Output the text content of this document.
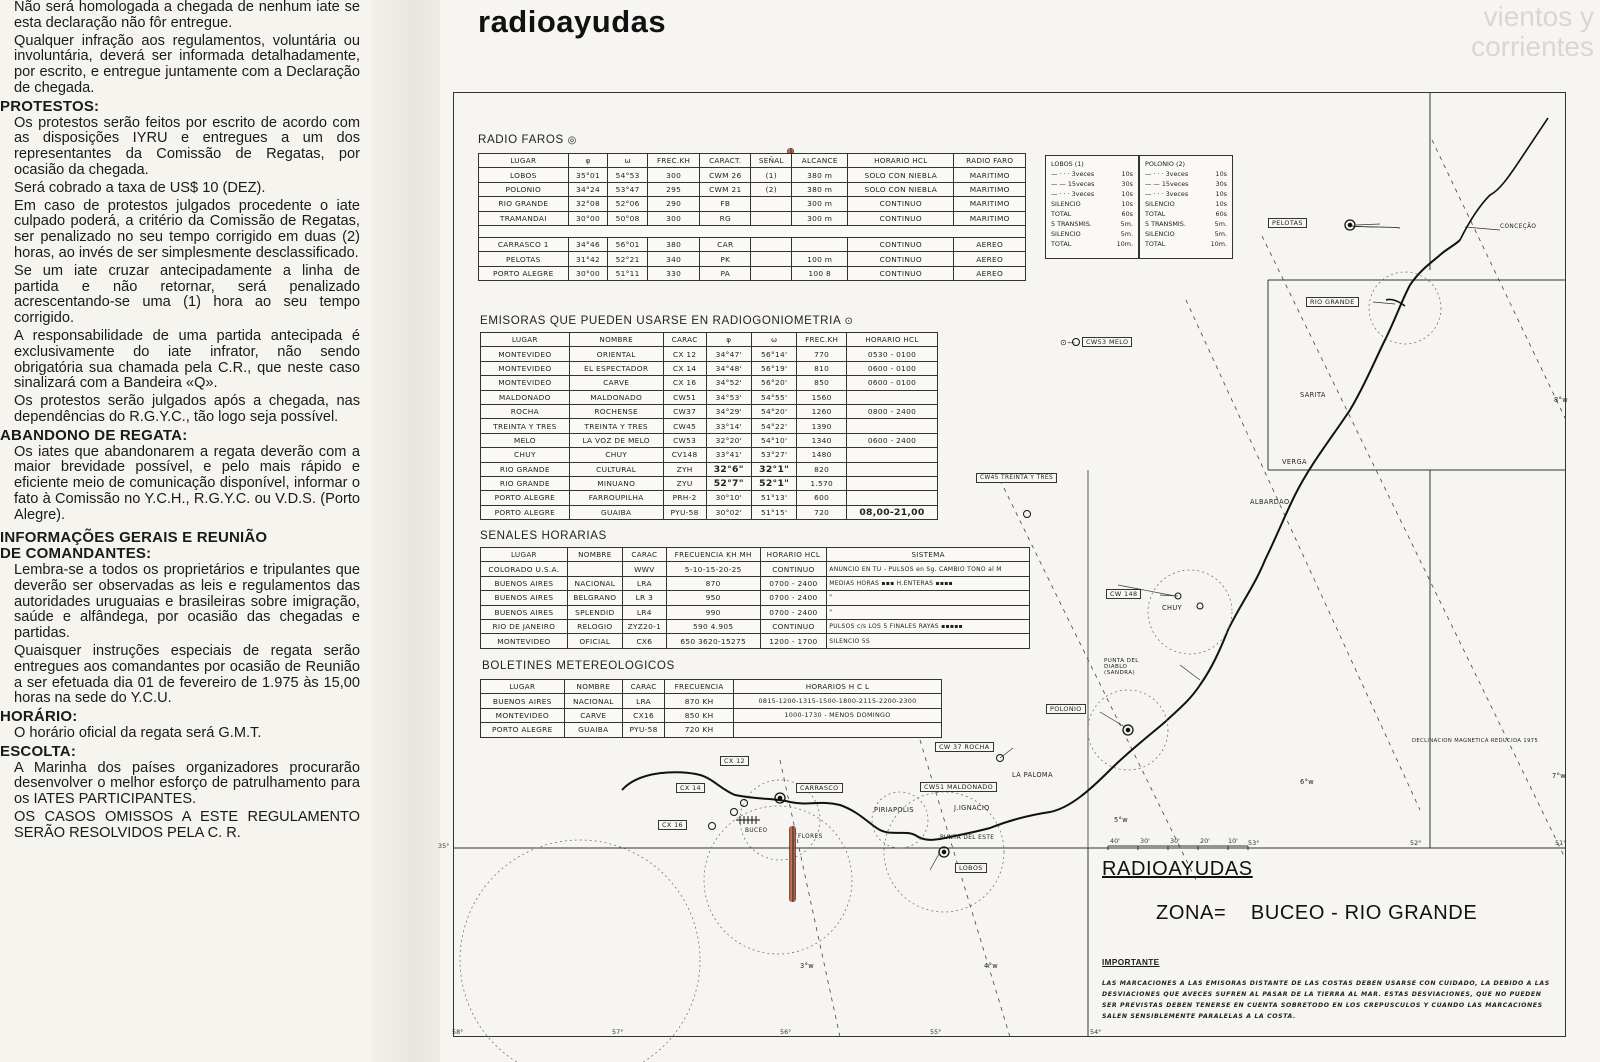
Não será homologada a chegada de nenhum iate se esta declaração não fôr entregue.
Qualquer infração aos regulamentos, voluntária ou involuntária, deverá ser informada detalhadamente, por escrito, e entregue juntamente com a Declaração de chegada.
PROTESTOS:
Os protestos serão feitos por escrito de acordo com as disposições IYRU e entregues a um dos representantes da Comissão de Regatas, por ocasião da chegada.
Será cobrado a taxa de US$ 10 (DEZ).
Em caso de protestos julgados procedente o iate culpado poderá, a critério da Comissão de Regatas, ser penalizado no seu tempo corrigido em duas (2) horas, ao invés de ser simplesmente desclassificado.
Se um iate cruzar antecipadamente a linha de partida e não retornar, será penalizado acrescentando-se uma (1) hora ao seu tempo corrigido.
A responsabilidade de uma partida antecipada é exclusivamente do iate infrator, não sendo obrigatória sua chamada pela C.R., que neste caso sinalizará com a Bandeira «Q».
Os protestos serão julgados após a chegada, nas dependências do R.G.Y.C., tão logo seja possível.
ABANDONO DE REGATA:
Os iates que abandonarem a regata deverão com a maior brevidade possível, e pelo mais rápido e eficiente meio de comunicação disponível, informar o fato à Comissão no Y.C.H., R.G.Y.C. ou V.D.S. (Porto Alegre).
INFORMAÇÕES GERAIS E REUNIÃO
DE COMANDANTES:
Lembra-se a todos os proprietários e tripulantes que deverão ser observadas as leis e regulamentos das autoridades uruguaias e brasileiras sobre imigração, saúde e alfândega, por ocasião das chegadas e partidas.
Quaisquer instruções especiais de regata serão entregues aos comandantes por ocasião de Reunião a ser efetuada dia 01 de fevereiro de 1.975 às 15,00 horas na sede do Y.C.U.
HORÁRIO:
O horário oficial da regata será G.M.T.
ESCOLTA:
A Marinha dos países organizadores procurarão desenvolver o melhor esforço de patrulhamento para os IATES PARTICIPANTES.
OS CASOS OMISSOS A ESTE REGULAMENTO SERÃO RESOLVIDOS PELA C. R.
vientos y
corrientes
radioayudas
RADIO FAROS ◎
LUGAR	φ	ω	FREC.KH	CARACT.	SEÑAL	ALCANCE	HORARIO HCL	RADIO FARO
LOBOS	35°01	54°53	300	CWM 26	(1)	380 m	SOLO CON NIEBLA	MARITIMO
POLONIO	34°24	53°47	295	CWM 21	(2)	380 m	SOLO CON NIEBLA	MARITIMO
RIO GRANDE	32°08	52°06	290	FB		300 m	CONTINUO	MARITIMO
TRAMANDAI	30°00	50°08	300	RG		300 m	CONTINUO	MARITIMO

CARRASCO 1	34°46	56°01	380	CAR			CONTINUO	AEREO
PELOTAS	31°42	52°21	340	PK		100 m	CONTINUO	AEREO
PORTO ALEGRE	30°00	51°11	330	PA		100 8	CONTINUO	AEREO
LOBOS (1)
— · · · 3veces	10s
— — 15veces	30s
— · · · 3veces	10s
SILENCIO	10s
TOTAL	60s
5 TRANSMIS.	5m.
SILENCIO	5m.
TOTAL	10m.
POLONIO (2)
— · · · 3veces	10s
— — 15veces	30s
— · · · 3veces	10s
SILENCIO	10s
TOTAL	60s
5 TRANSMIS.	5m.
SILENCIO	5m.
TOTAL	10m.
EMISORAS QUE PUEDEN USARSE EN RADIOGONIOMETRIA ⊙
LUGAR	NOMBRE	CARAC	φ	ω	FREC.KH	HORARIO HCL
MONTEVIDEO	ORIENTAL	CX 12	34°47'	56°14'	770	0530 - 0100
MONTEVIDEO	EL ESPECTADOR	CX 14	34°48'	56°19'	810	0600 - 0100
MONTEVIDEO	CARVE	CX 16	34°52'	56°20'	850	0600 - 0100
MALDONADO	MALDONADO	CW51	34°53'	54°55'	1560	
ROCHA	ROCHENSE	CW37	34°29'	54°20'	1260	0800 - 2400
TREINTA Y TRES	TREINTA Y TRES	CW45	33°14'	54°22'	1390	
MELO	LA VOZ DE MELO	CW53	32°20'	54°10'	1340	0600 - 2400
CHUY	CHUY	CV148	33°41'	53°27'	1480	
RIO GRANDE	CULTURAL	ZYH	32°6"	32°1"	820	
RIO GRANDE	MINUANO	ZYU	52°7"	52°1"	1.570	
PORTO ALEGRE	FARROUPILHA	PRH-2	30°10'	51°13'	600	
PORTO ALEGRE	GUAIBA	PYU-58	30°02'	51°15'	720	08,00-21,00
SENALES HORARIAS
LUGAR	NOMBRE	CARAC	FRECUENCIA KH MH	HORARIO HCL	SISTEMA
COLORADO U.S.A.		WWV	5-10-15-20-25	CONTINUO	ANUNCIO EN TU - PULSOS en Sg. CAMBIO TONO al M
BUENOS AIRES	NACIONAL	LRA	870	0700 - 2400	MEDIAS HORAS ▪▪▪ H.ENTERAS ▪▪▪▪
BUENOS AIRES	BELGRANO	LR 3	950	0700 - 2400	"
BUENOS AIRES	SPLENDID	LR4	990	0700 - 2400	"
RIO DE JANEIRO	RELOGIO	ZYZ20-1	590 4.905	CONTINUO	PULSOS c/s LOS 5 FINALES RAYAS ▪▪▪▪▪
MONTEVIDEO	OFICIAL	CX6	650 3620-15275	1200 - 1700	SILENCIO 5S
BOLETINES METEREOLOGICOS
LUGAR	NOMBRE	CARAC	FRECUENCIA	HORARIOS H C L
BUENOS AIRES	NACIONAL	LRA	870 KH	0815-1200-1315-1500-1800-2115-2200-2300
MONTEVIDEO	CARVE	CX16	850 KH	1000-1730 - MENOS DOMINGO
PORTO ALEGRE	GUAIBA	PYU-58	720 KH	
PELOTAS	CONCEÇÃO
RIO GRANDE
CW53 MELO
⊙—
SARITA
VERGA
ALBARDAO
CW45 TREINTA Y TRES
CW 148
CHUY
PUNTA DEL DIABLO (SANDRA)
POLONIO
CW 37 ROCHA
LA PALOMA
CX 12
CX 14	CARRASCO
CX 16
BUCEO
FLORES
CW51 MALDONADO
PIRIAPOLIS	J.IGNACIO
PUNTA DEL ESTE
LOBOS
DECLINACION MAGNETICA REDUCIDA 1975
3°w	4°w
5°w
6°w
7°w
8°w
35°
58°	57°	56°	55°	54°
53°	52°	51°
40'	30'	30'	20'	10'
RADIOAYUDAS
ZONA= BUCEO - RIO GRANDE
IMPORTANTE
LAS MARCACIONES A LAS EMISORAS DISTANTE DE LAS COSTAS DEBEN USARSE CON CUIDADO, LA DEBIDO A LAS DESVIACIONES QUE AVECES SUFREN AL PASAR DE LA TIERRA AL MAR. ESTAS DESVIACIONES, QUE NO PUEDEN SER PREVISTAS DEBEN TENERSE EN CUENTA SOBRETODO EN LOS CREPUSCULOS Y CUANDO LAS MARCACIONES SALEN SENSIBLEMENTE PARALELAS A LA COSTA.
